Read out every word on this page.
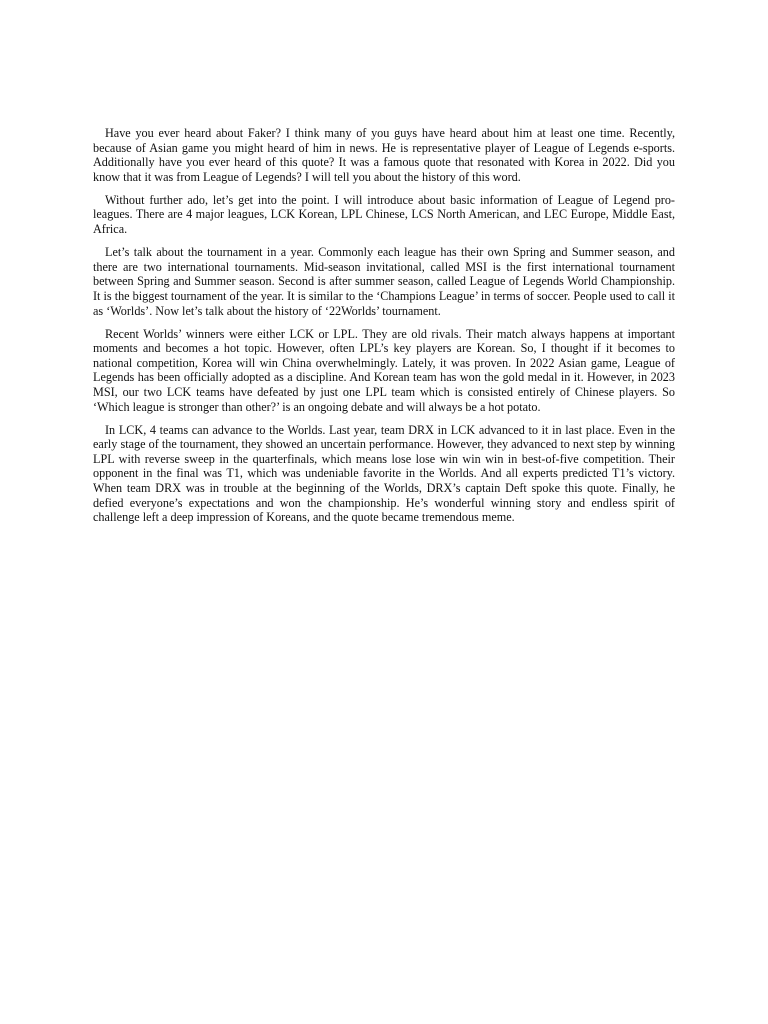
Have you ever heard about Faker? I think many of you guys have heard about him at least one time. Recently, because of Asian game you might heard of him in news. He is representative player of League of Legends e-sports. Additionally have you ever heard of this quote? It was a famous quote that resonated with Korea in 2022. Did you know that it was from League of Legends? I will tell you about the history of this word.

Without further ado, let’s get into the point. I will introduce about basic information of League of Legend pro-leagues. There are 4 major leagues, LCK Korean, LPL Chinese, LCS North American, and LEC Europe, Middle East, Africa.

Let’s talk about the tournament in a year. Commonly each league has their own Spring and Summer season, and there are two international tournaments. Mid-season invitational, called MSI is the first international tournament between Spring and Summer season. Second is after summer season, called League of Legends World Championship. It is the biggest tournament of the year. It is similar to the ‘Champions League’ in terms of soccer. People used to call it as ‘Worlds’. Now let’s talk about the history of ‘22Worlds’ tournament.

Recent Worlds’ winners were either LCK or LPL. They are old rivals. Their match always happens at important moments and becomes a hot topic. However, often LPL’s key players are Korean. So, I thought if it becomes to national competition, Korea will win China overwhelmingly. Lately, it was proven. In 2022 Asian game, League of Legends has been officially adopted as a discipline. And Korean team has won the gold medal in it. However, in 2023 MSI, our two LCK teams have defeated by just one LPL team which is consisted entirely of Chinese players. So ‘Which league is stronger than other?’ is an ongoing debate and will always be a hot potato.

In LCK, 4 teams can advance to the Worlds. Last year, team DRX in LCK advanced to it in last place. Even in the early stage of the tournament, they showed an uncertain performance. However, they advanced to next step by winning LPL with reverse sweep in the quarterfinals, which means lose lose win win win in best-of-five competition. Their opponent in the final was T1, which was undeniable favorite in the Worlds. And all experts predicted T1’s victory. When team DRX was in trouble at the beginning of the Worlds, DRX’s captain Deft spoke this quote. Finally, he defied everyone’s expectations and won the championship. He’s wonderful winning story and endless spirit of challenge left a deep impression of Koreans, and the quote became tremendous meme.
